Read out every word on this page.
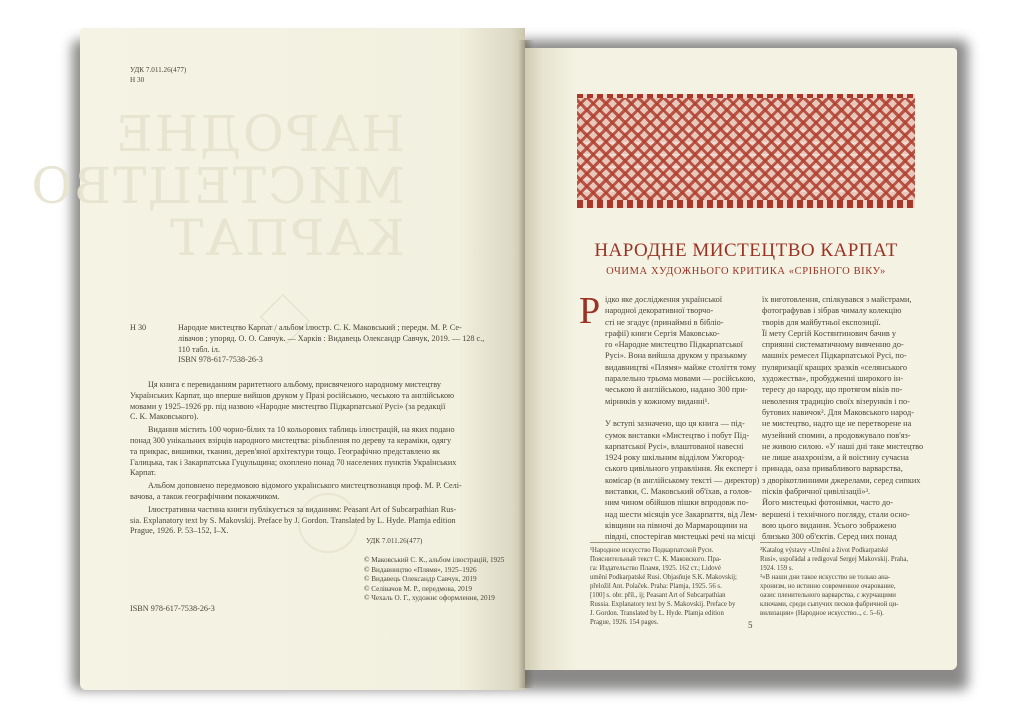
НАРОДНЕ
МИСТЕЦТВО
КАРПАТ
УДК 7.011.26(477)
Н 30
Н 30	Народне мистецтво Карпат / альбом ілюстр. С. К. Маковський ; передм. М. Р. Се-
лівачов ; упоряд. О. О. Савчук. — Харків : Видавець Олександр Савчук, 2019. — 128 с.,
110 табл. іл.
ISBN 978-617-7538-26-3
Ця книга є перевиданням раритетного альбому, присвяченого народному мистецтву
Українських Карпат, що вперше вийшов друком у Празі російською, чеською та англійською
мовами у 1925–1926 рр. під назвою «Народне мистецтво Підкарпатської Русі» (за редакції
С. К. Маковського).
Видання містить 100 чорно-білих та 10 кольорових таблиць ілюстрацій, на яких подано
понад 300 унікальних взірців народного мистецтва: різьблення по дереву та кераміки, одягу
та прикрас, вишивки, тканин, дерев'яної архітектури тощо. Географічно представлено як
Галицька, так і Закарпатська Гуцульщина; охоплено понад 70 населених пунктів Українських
Карпат.
Альбом доповнено передмовою відомого українського мистецтвознавця проф. М. Р. Селі-
вачова, а також географічним покажчиком.
Ілюстративна частина книги публікується за виданням: Peasant Art of Subcarpathian Rus-
sia. Explanatory text by S. Makovskij. Preface by J. Gordon. Translated by L. Hyde. Plamja edition
Prague, 1926. P. 53–152, I–X.
УДК 7.011.26(477)
© Маковський С. К., альбом ілюстрацій, 1925
© Видавництво «Плямя», 1925–1926
© Видавець Олександр Савчук, 2019
© Селівачов М. Р., передмова, 2019
© Чехаль О. Г., художнє оформлення, 2019
ISBN 978-617-7538-26-3
НАРОДНЕ МИСТЕЦТВО КАРПАТ
ОЧИМА ХУДОЖНЬОГО КРИТИКА «СРІБНОГО ВІКУ»
Р ідко яке дослідження української
народної декоративної творчо-
сті не згадує (принаймні в бібліо-
графії) книги Сергія Маковсько-
го «Народне мистецтво Підкарпатської
Русі». Вона вийшла друком у празькому
видавництві «Плямя» майже століття тому
паралельно трьома мовами — російською,
чеською й англійською, надано 300 при-
мірників у кожному виданні¹.

У вступі зазначено, що ця книга — під-
сумок виставки «Мистецтво і побут Під-
карпатської Русі», влаштованої навесні
1924 року шкільним відділом Ужгород-
ського цивільного управління. Як експерт і
комісар (в англійському тексті — директор)
виставки, С. Маковський об'їхав, а голов-
ним чином обійшов пішки впродовж по-
над шести місяців усе Закарпаття, від Лем-
ківщини на півночі до Мармарощини на
півдні, спостерігав мистецькі речі на місці
їх виготовлення, спілкувався з майстрами,
фотографував і зібрав чималу колекцію
творів для майбутньої експозиції.
Її мету Сергій Костянтинович бачив у
сприянні систематичному вивченню до-
машніх ремесел Підкарпатської Русі, по-
пуляризації кращих зразків «селянського
художества», пробудженні широкого ін-
тересу до народу, що протягом віків по-
неволення традицію своїх візерунків і по-
бутових навичок². Для Маковського народ-
не мистецтво, надто ще не перетворене на
музейний спомин, а продовжувало пов'яз-
не живою силою. «У наші дні таке мистецтво
не лише анахронізм, а й воістину сучасна
принада, оаза привабливого варварства,
з дворікотлинними джерелами, серед сипких
пісків фабричної цивілізації»³.
Його мистецькі фотонімки, часто до-
вершені і технічного погляду, стали осно-
вою цього видання. Усього зображено
близько 300 об'єктів. Серед них понад
¹Народное искусство Подкарпатской Руси.
Пояснительный текст С. К. Маковского. Пра-
га: Издательство Пламя, 1925. 162 ст.; Lidové
umění Podkarpatské Rusi. Objasňuje S.K. Makovskij;
přeložil Ant. Polaček. Praha: Plamja, 1925. 56 s.
[100] s. obr. příl., ij; Peasant Art of Subcarpathian
Russia. Explanatory text by S. Makovskij. Preface by
J. Gordon. Translated by L. Hyde. Plamja edition
Prague, 1926. 154 pages.
²Katalog výstavy «Umění a život Podkarpatské
Rusi», uspořádal a redigoval Sergej Makovskij. Praha,
1924. 159 s.
³«В наши дни такое искусство не только ана-
хронизм, но истинно современное очарование,
оазис пленительного варварства, с журчащими
ключами, среди сыпучих песков фабричной ци-
вилизации» (Народное искусство.., с. 5–6).
5
